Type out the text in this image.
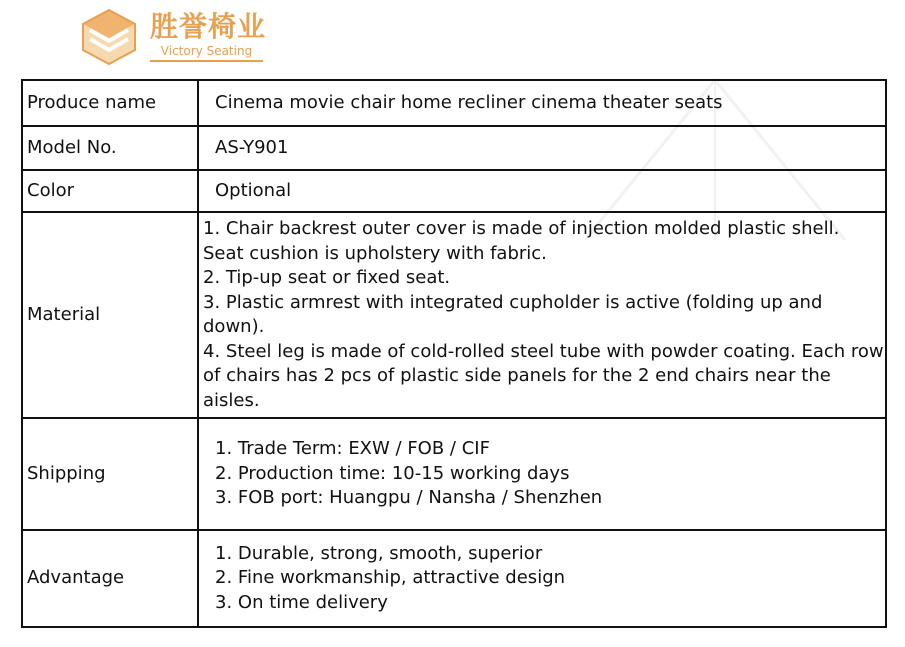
胜誉椅业
Victory Seating
Produce name	Cinema movie chair home recliner cinema theater seats
Model No.	AS-Y901
Color	Optional
Material	1. Chair backrest outer cover is made of injection molded plastic shell. Seat cushion is upholstery with fabric.
2. Tip-up seat or fixed seat.
3. Plastic armrest with integrated cupholder is active (folding up and down).
4. Steel leg is made of cold-rolled steel tube with powder coating. Each row of chairs has 2 pcs of plastic side panels for the 2 end chairs near the aisles.

Shipping	1. Trade Term: EXW / FOB / CIF
2. Production time: 10-15 working days
3. FOB port: Huangpu / Nansha / Shenzhen

Advantage	1. Durable, strong, smooth, superior
2. Fine workmanship, attractive design
3. On time delivery
